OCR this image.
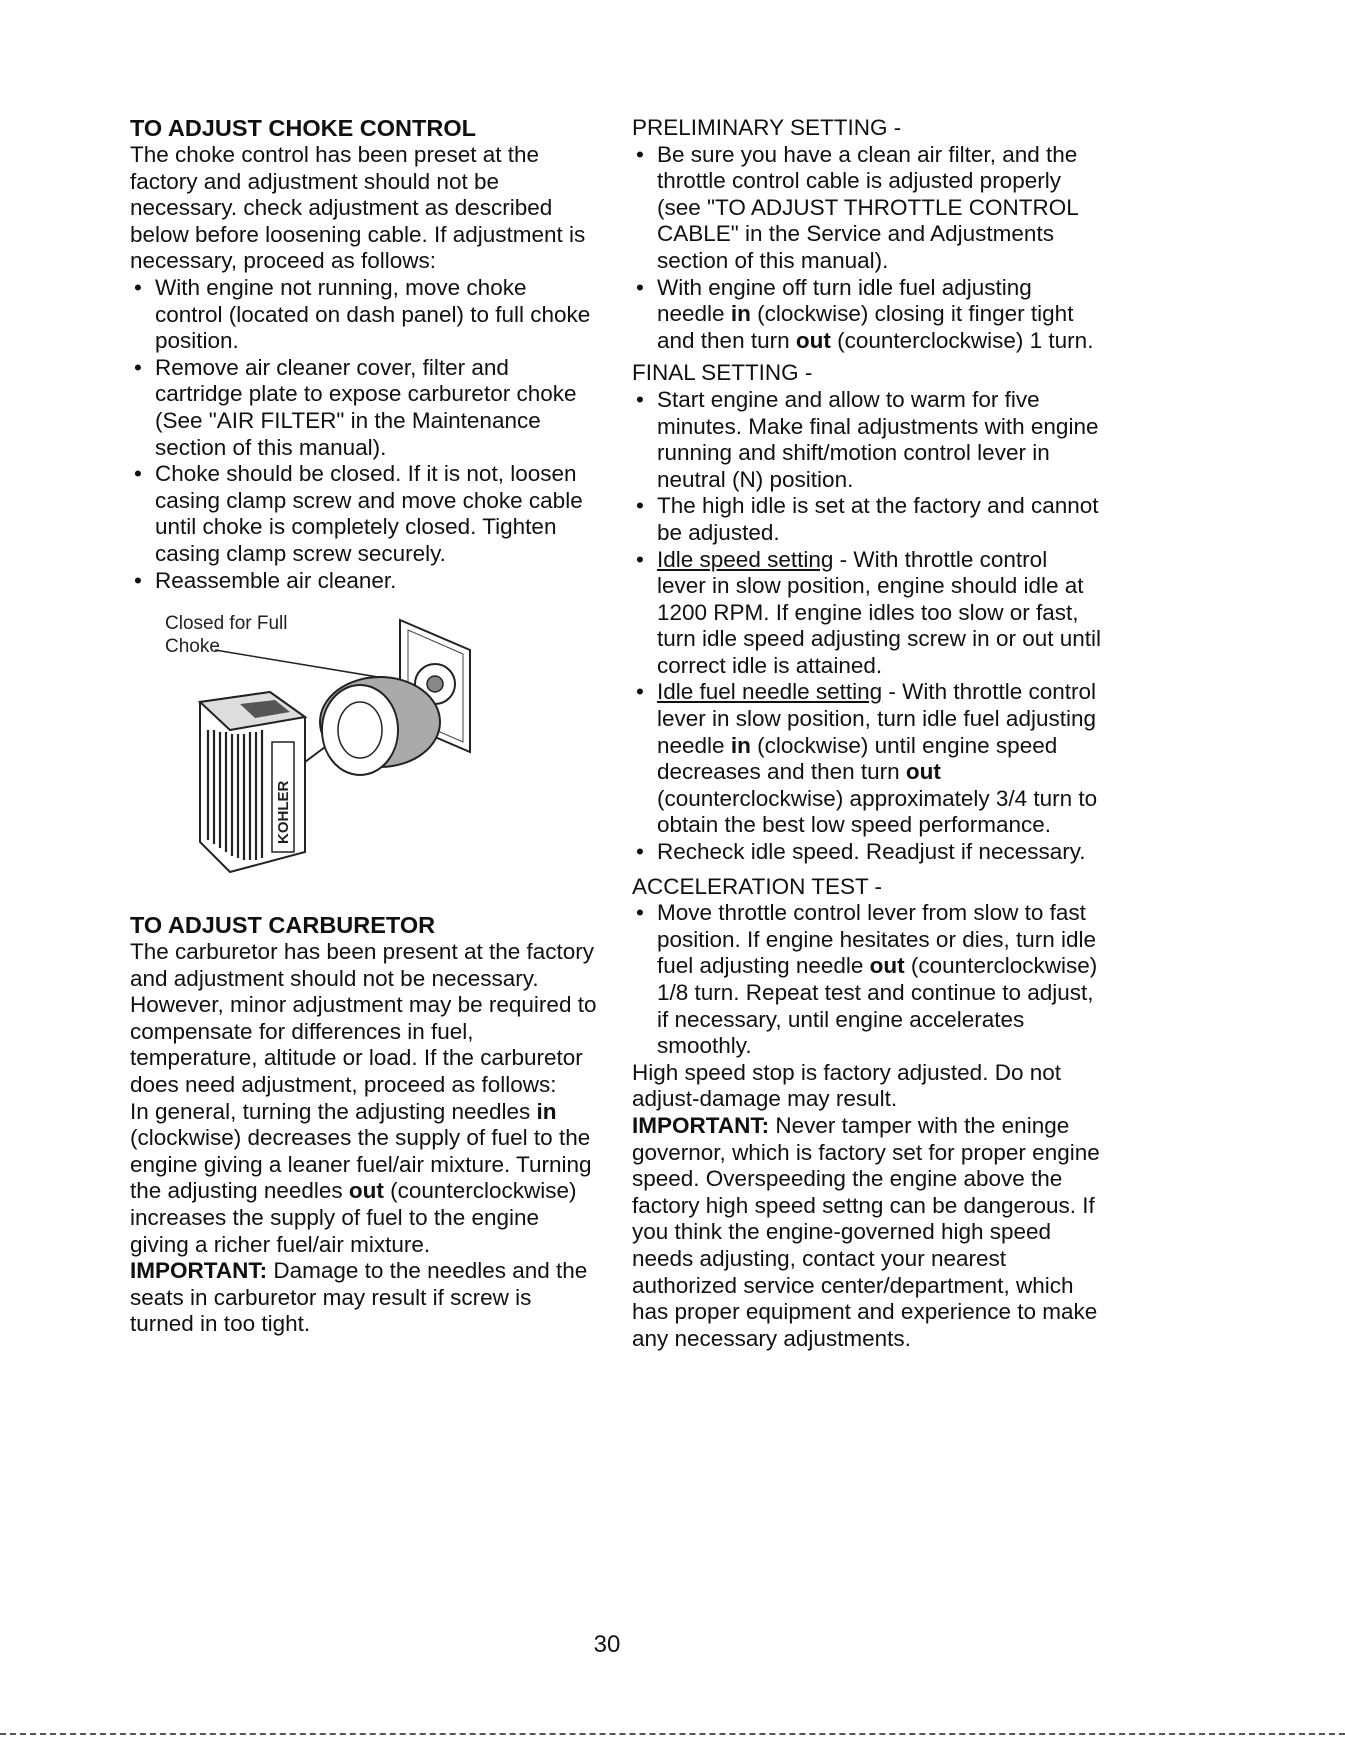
TO ADJUST CHOKE CONTROL

The choke control has been preset at the factory and adjustment should not be necessary. check adjustment as described below before loosening cable. If adjustment is necessary, proceed as follows:

• With engine not running, move choke control (located on dash panel) to full choke position.
• Remove air cleaner cover, filter and cartridge plate to expose carburetor choke (See "AIR FILTER" in the Maintenance section of this manual).
• Choke should be closed. If it is not, loosen casing clamp screw and move choke cable until choke is completely closed. Tighten casing clamp screw securely.
• Reassemble air cleaner.
KOHLER
Closed for Full
Choke
TO ADJUST CARBURETOR

The carburetor has been present at the factory and adjustment should not be necessary. However, minor adjustment may be required to compensate for differences in fuel, temperature, altitude or load. If the carburetor does need adjustment, proceed as follows:

In general, turning the adjusting needles in (clockwise) decreases the supply of fuel to the engine giving a leaner fuel/air mixture. Turning the adjusting needles out (counterclockwise) increases the supply of fuel to the engine giving a richer fuel/air mixture.

IMPORTANT: Damage to the needles and the seats in carburetor may result if screw is turned in too tight.

PRELIMINARY SETTING -

• Be sure you have a clean air filter, and the throttle control cable is adjusted properly (see "TO ADJUST THROTTLE CONTROL CABLE" in the Service and Adjustments section of this manual).
• With engine off turn idle fuel adjusting needle in (clockwise) closing it finger tight and then turn out (counterclockwise) 1 turn.

FINAL SETTING -

• Start engine and allow to warm for five minutes. Make final adjustments with engine running and shift/motion control lever in neutral (N) position.
• The high idle is set at the factory and cannot be adjusted.
• Idle speed setting - With throttle control lever in slow position, engine should idle at 1200 RPM. If engine idles too slow or fast, turn idle speed adjusting screw in or out until correct idle is attained.
• Idle fuel needle setting - With throttle control lever in slow position, turn idle fuel adjusting needle in (clockwise) until engine speed decreases and then turn out (counterclockwise) approximately 3/4 turn to obtain the best low speed performance.
• Recheck idle speed. Readjust if necessary.

ACCELERATION TEST -

• Move throttle control lever from slow to fast position. If engine hesitates or dies, turn idle fuel adjusting needle out (counterclockwise) 1/8 turn. Repeat test and continue to adjust, if necessary, until engine accelerates smoothly.

High speed stop is factory adjusted. Do not adjust-damage may result.

IMPORTANT: Never tamper with the eninge governor, which is factory set for proper engine speed. Overspeeding the engine above the factory high speed settng can be dangerous. If you think the engine-governed high speed needs adjusting, contact your nearest authorized service center/department, which has proper equipment and experience to make any necessary adjustments.

30
